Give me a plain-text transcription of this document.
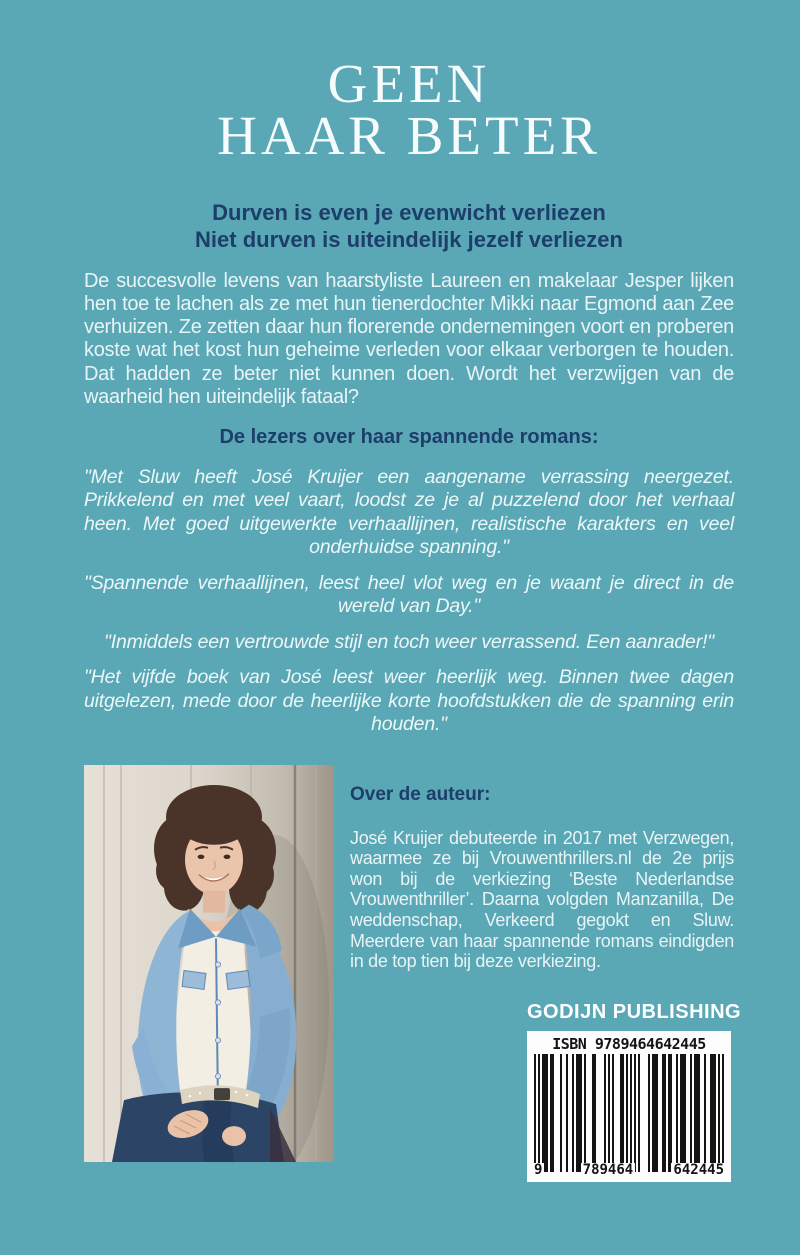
GEEN
HAAR BETER
Durven is even je evenwicht verliezen
Niet durven is uiteindelijk jezelf verliezen

De succesvolle levens van haarstyliste Laureen en makelaar Jesper lijken hen toe te lachen als ze met hun tienerdochter Mikki naar Egmond aan Zee verhuizen. Ze zetten daar hun florerende ondernemingen voort en proberen koste wat het kost hun geheime verleden voor elkaar verborgen te houden. Dat hadden ze beter niet kunnen doen. Wordt het verzwijgen van de waarheid hen uiteindelijk fataal?

De lezers over haar spannende romans:

"Met Sluw heeft José Kruijer een aangename verrassing neergezet. Prikkelend en met veel vaart, loodst ze je al puzzelend door het verhaal heen. Met goed uitgewerkte verhaallijnen, realistische karakters en veel onderhuidse spanning."

"Spannende verhaallijnen, leest heel vlot weg en je waant je direct in de wereld van Day."

"Inmiddels een vertrouwde stijl en toch weer verrassend. Een aanrader!"

"Het vijfde boek van José leest weer heerlijk weg. Binnen twee dagen uitgelezen, mede door de heerlijke korte hoofdstukken die de spanning erin houden."

Over de auteur:

José Kruijer debuteerde in 2017 met Verzwegen, waarmee ze bij Vrouwenthrillers.nl de 2e prijs won bij de verkiezing ‘Beste Nederlandse Vrouwenthriller’. Daarna volgden Manzanilla, De weddenschap, Verkeerd gegokt en Sluw. Meerdere van haar spannende romans eindigden in de top tien bij deze verkiezing.

GODIJN PUBLISHING
ISBN 9789464642445
9	789464	642445
